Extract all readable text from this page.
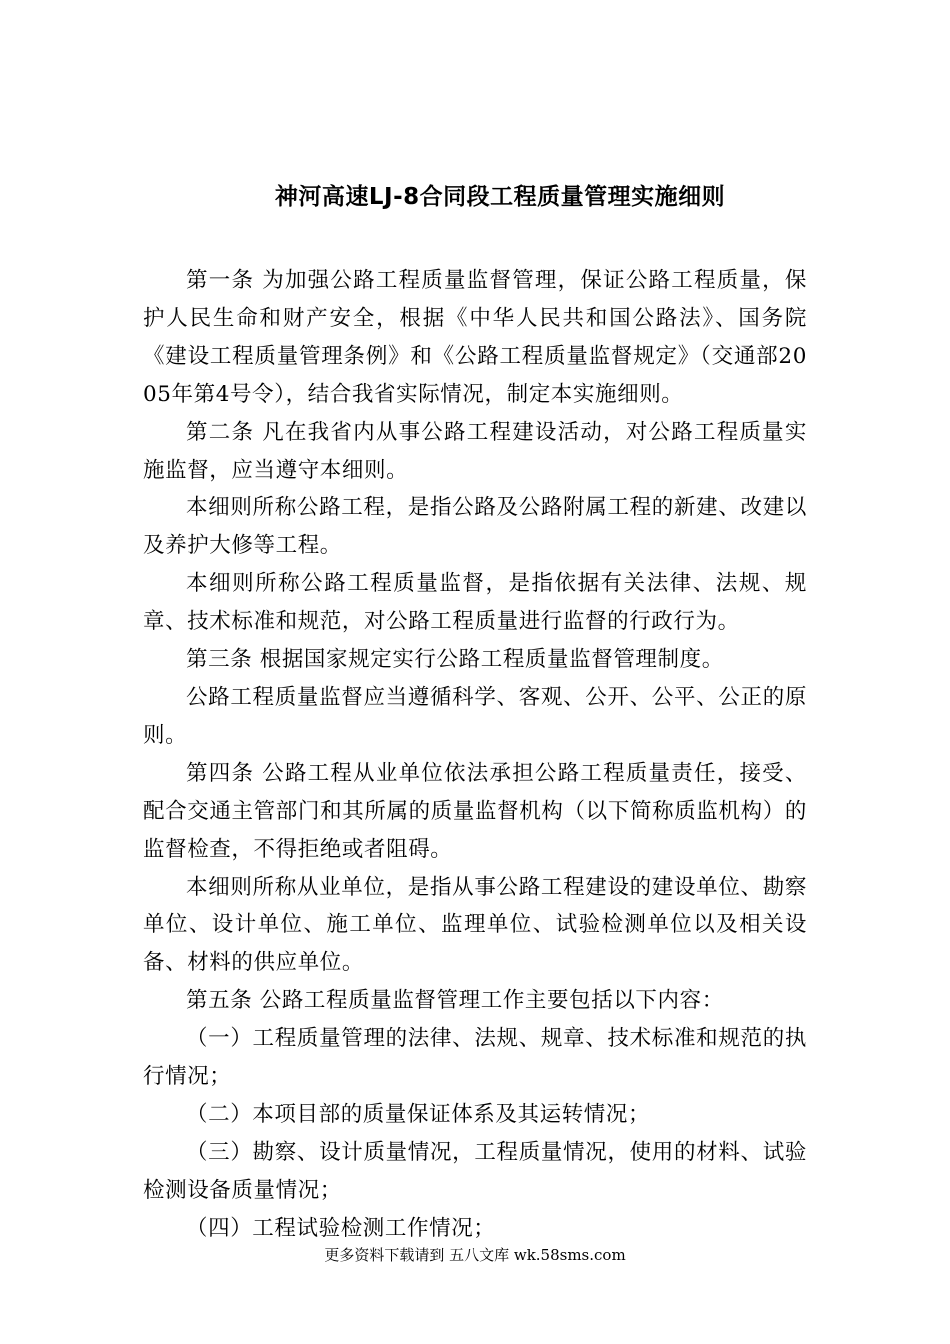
神河高速LJ-8合同段工程质量管理实施细则

第一条 为加强公路工程质量监督管理，保证公路工程质量，保护人民生命和财产安全，根据《中华人民共和国公路法》、国务院《建设工程质量管理条例》和《公路工程质量监督规定》（交通部2005年第4号令），结合我省实际情况，制定本实施细则。

第二条 凡在我省内从事公路工程建设活动，对公路工程质量实施监督，应当遵守本细则。

本细则所称公路工程，是指公路及公路附属工程的新建、改建以及养护大修等工程。

本细则所称公路工程质量监督，是指依据有关法律、法规、规章、技术标准和规范，对公路工程质量进行监督的行政行为。

第三条 根据国家规定实行公路工程质量监督管理制度。

公路工程质量监督应当遵循科学、客观、公开、公平、公正的原则。

第四条 公路工程从业单位依法承担公路工程质量责任，接受、配合交通主管部门和其所属的质量监督机构（以下简称质监机构）的监督检查，不得拒绝或者阻碍。

本细则所称从业单位，是指从事公路工程建设的建设单位、勘察单位、设计单位、施工单位、监理单位、试验检测单位以及相关设备、材料的供应单位。

第五条 公路工程质量监督管理工作主要包括以下内容：

（一）工程质量管理的法律、法规、规章、技术标准和规范的执行情况；

（二）本项目部的质量保证体系及其运转情况；

（三）勘察、设计质量情况，工程质量情况，使用的材料、试验检测设备质量情况；

（四）工程试验检测工作情况；

更多资料下载请到 五八文库 wk.58sms.com
